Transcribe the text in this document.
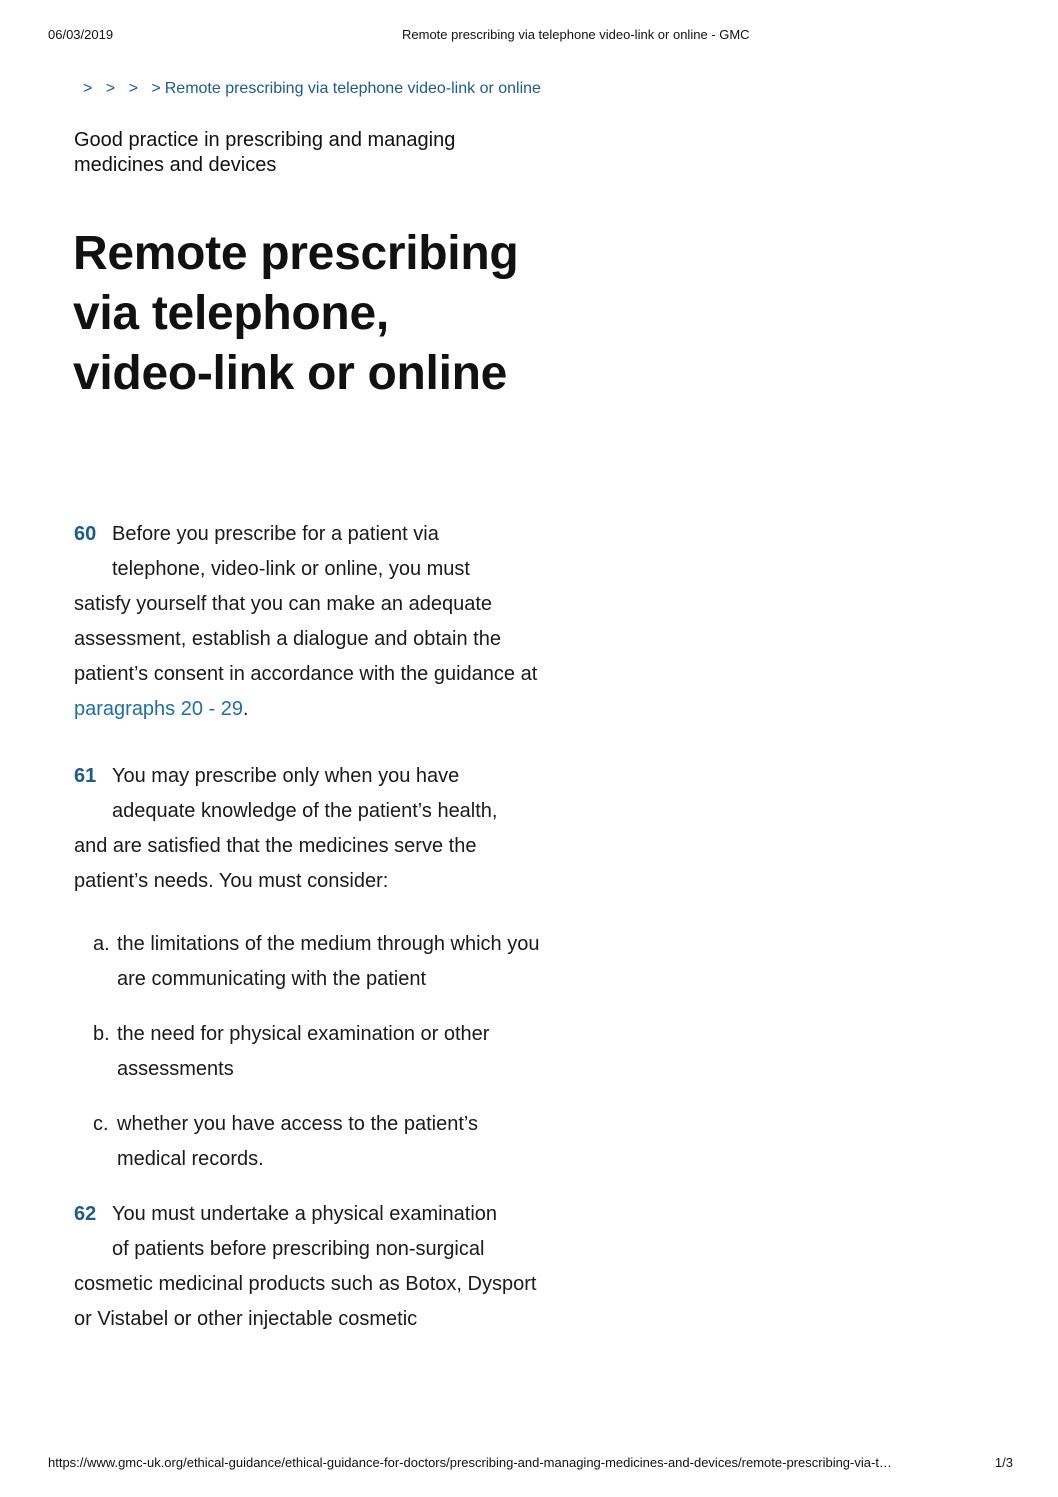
06/03/2019	Remote prescribing via telephone video-link or online - GMC
> > > > Remote prescribing via telephone video-link or online
Good practice in prescribing and managing medicines and devices
Remote prescribing via telephone, video-link or online

60 Before you prescribe for a patient via
telephone, video-link or online, you must
satisfy yourself that you can make an adequate assessment, establish a dialogue and obtain the patient’s consent in accordance with the guidance at paragraphs 20 - 29.

61 You may prescribe only when you have
adequate knowledge of the patient’s health,
and are satisfied that the medicines serve the patient’s needs. You must consider:

a. the limitations of the medium through which you are communicating with the patient
b. the need for physical examination or other assessments
c. whether you have access to the patient’s medical records.

62 You must undertake a physical examination
of patients before prescribing non-surgical
cosmetic medicinal products such as Botox, Dysport or Vistabel or other injectable cosmetic

https://www.gmc-uk.org/ethical-guidance/ethical-guidance-for-doctors/prescribing-and-managing-medicines-and-devices/remote-prescribing-via-t…	1/3
